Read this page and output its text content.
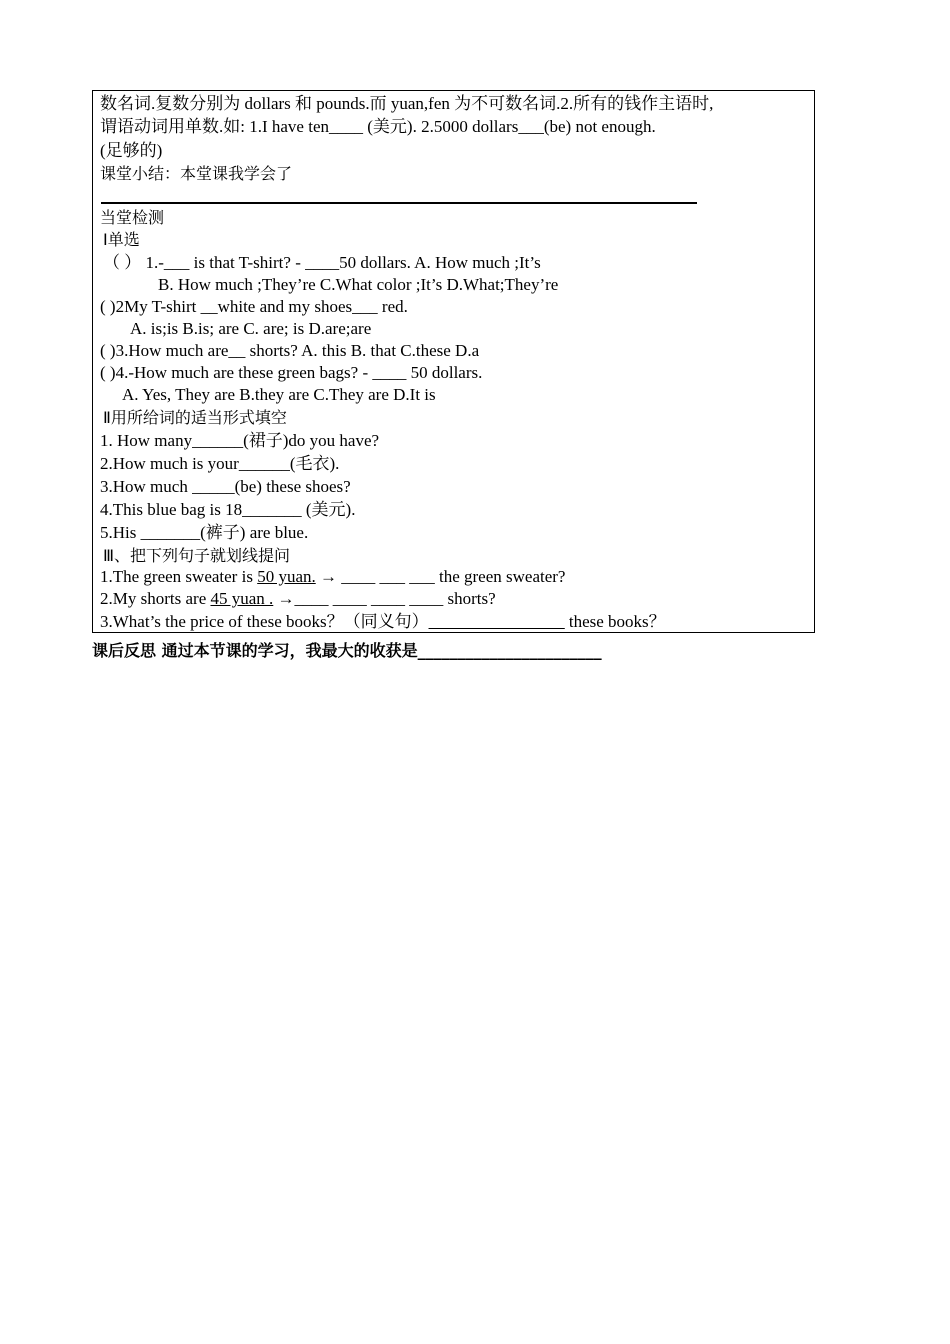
数名词.复数分别为 dollars 和 pounds.而 yuan,fen 为不可数名词.2.所有的钱作主语时,
谓语动词用单数.如: 1.I have ten____ (美元). 2.5000 dollars___(be) not enough.
(足够的)
课堂小结：本堂课我学会了
当堂检测
Ⅰ单选
（ ） 1.-___ is that T-shirt? - ____50 dollars. A. How much ;It’s
B. How much ;They’re C.What color ;It’s D.What;They’re
( )2My T-shirt __white and my shoes___ red.
A. is;is B.is; are C. are; is D.are;are
( )3.How much are__ shorts? A. this B. that C.these D.a
( )4.-How much are these green bags? - ____ 50 dollars.
A. Yes, They are B.they are C.They are D.It is
Ⅱ用所给词的适当形式填空
1. How many______(裙子)do you have?
2.How much is your______(毛衣).
3.How much _____(be) these shoes?
4.This blue bag is 18_______ (美元).
5.His _______(裤子) are blue.
Ⅲ、把下列句子就划线提问
1.The green sweater is 50 yuan. → ____ ___ ___ the green sweater?
2.My shorts are 45 yuan . →____ ____ ____ ____ shorts?
3.What’s the price of these books？（同义句）_____ _____ _____ these books？
课后反思 通过本节课的学习，我最大的收获是_______________________
